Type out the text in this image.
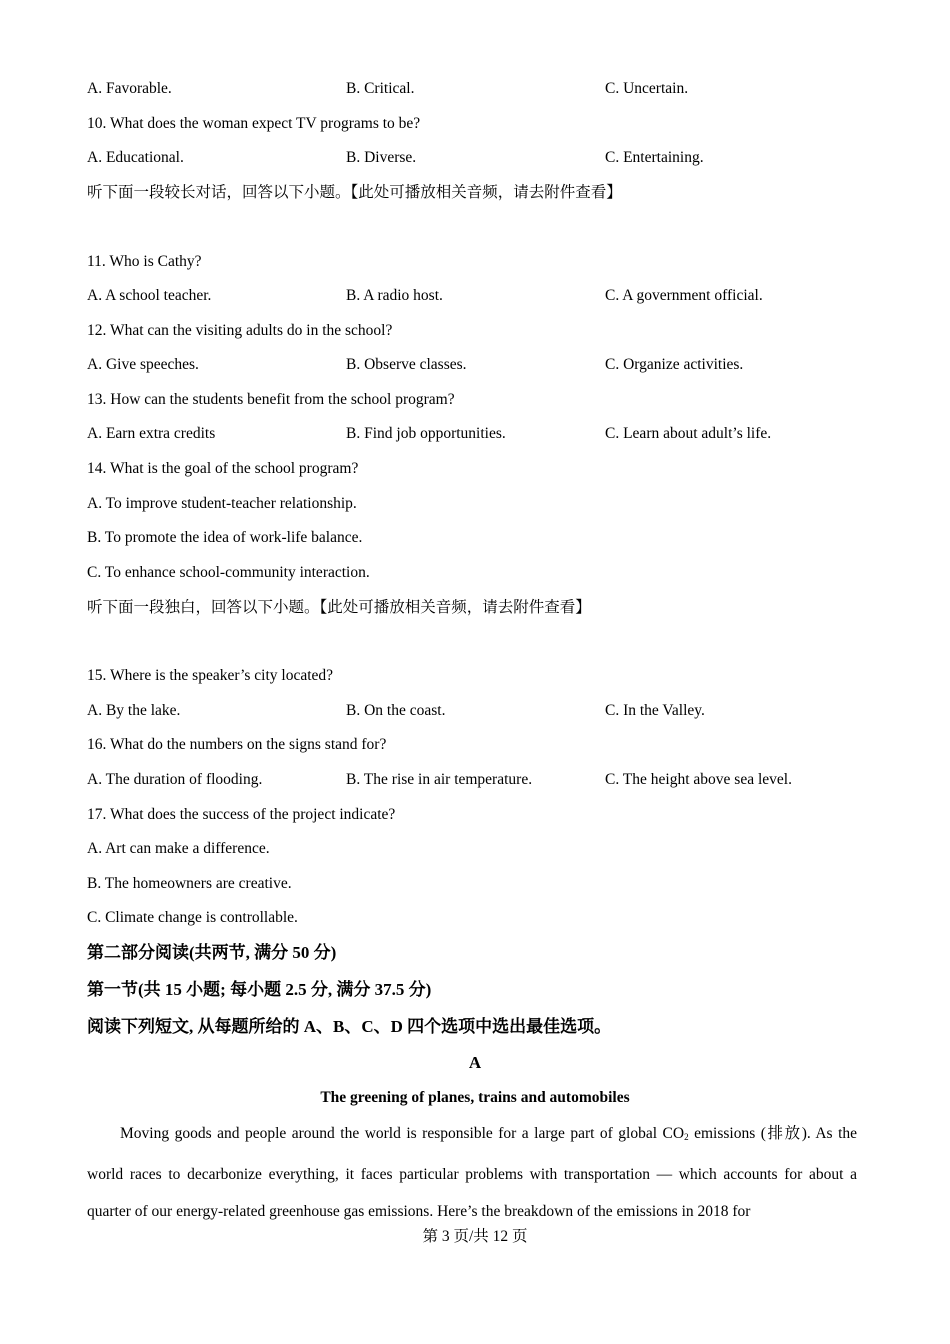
A. Favorable.	B. Critical.	C. Uncertain.
10. What does the woman expect TV programs to be?
A. Educational.	B. Diverse.	C. Entertaining.
听下面一段较长对话，回答以下小题。【此处可播放相关音频，请去附件查看】
11. Who is Cathy?
A. A school teacher.	B. A radio host.	C. A government official.
12. What can the visiting adults do in the school?
A. Give speeches.	B. Observe classes.	C. Organize activities.
13. How can the students benefit from the school program?
A. Earn extra credits	B. Find job opportunities.	C. Learn about adult’s life.
14. What is the goal of the school program?
A. To improve student-teacher relationship.
B. To promote the idea of work-life balance.
C. To enhance school-community interaction.
听下面一段独白，回答以下小题。【此处可播放相关音频，请去附件查看】
15. Where is the speaker’s city located?
A. By the lake.	B. On the coast.	C. In the Valley.
16. What do the numbers on the signs stand for?
A. The duration of flooding.	B. The rise in air temperature.	C. The height above sea level.
17. What does the success of the project indicate?
A. Art can make a difference.
B. The homeowners are creative.
C. Climate change is controllable.
第二部分阅读(共两节, 满分 50 分)
第一节(共 15 小题; 每小题 2.5 分, 满分 37.5 分)
阅读下列短文, 从每题所给的 A、B、C、D 四个选项中选出最佳选项。
A
The greening of planes, trains and automobiles
Moving goods and people around the world is responsible for a large part of global $CO_2$ emissions (排放). As the world races to decarbonize everything, it faces particular problems with transportation — which accounts for about a quarter of our energy-related greenhouse gas emissions. Here’s the breakdown of the emissions in 2018 for
第 3 页/共 12 页
